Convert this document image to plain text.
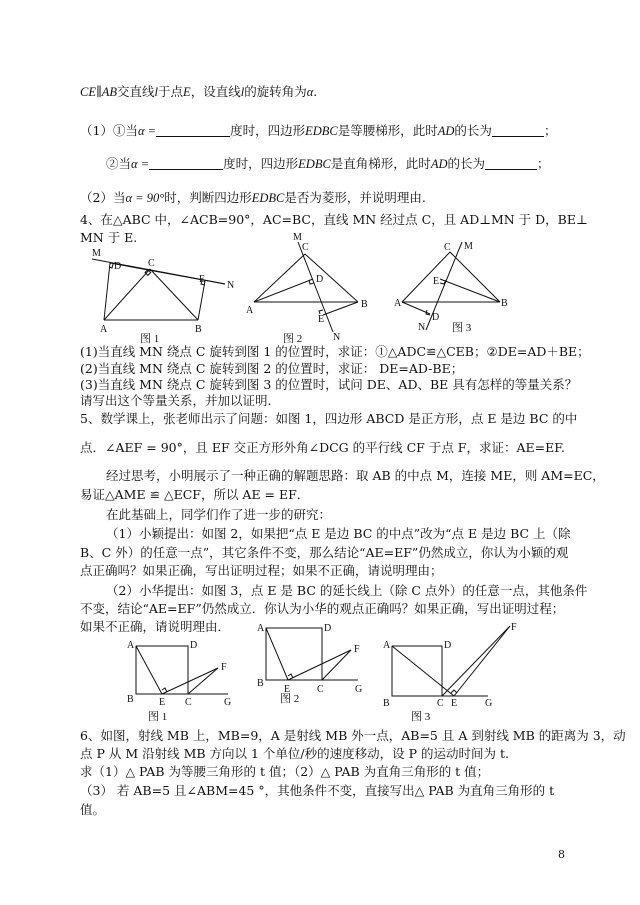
CE∥AB交直线l于点E，设直线l的旋转角为α.
（1）①当α =	度时，四边形EDBC是等腰梯形，此时AD的长为	；
②当α =	度时，四边形EDBC是直角梯形，此时AD的长为	；
（2）当α = 90°时，判断四边形EDBC是否为菱形，并说明理由.
4、在△ABC 中，∠ACB=90°，AC=BC，直线 MN 经过点 C，且 AD⊥MN 于 D，BE⊥
MN 于 E.
M
D	C
E
N
A	B
图 1
M
C
D
A
B
E
N
图 2
C M
E
A	B
D
N 图 3
(1)当直线 MN 绕点 C 旋转到图 1 的位置时，求证：①△ADC≌△CEB；②DE=AD＋BE；
(2)当直线 MN 绕点 C 旋转到图 2 的位置时，求证： DE=AD-BE；
(3)当直线 MN 绕点 C 旋转到图 3 的位置时，试问 DE、AD、BE 具有怎样的等量关系？
请写出这个等量关系，并加以证明.
5、数学课上，张老师出示了问题：如图 1，四边形 ABCD 是正方形，点 E 是边 BC 的中
点．∠AEF = 90°，且 EF 交正方形外角∠DCG 的平行线 CF 于点 F，求证：AE=EF.
经过思考，小明展示了一种正确的解题思路：取 AB 的中点 M，连接 ME，则 AM=EC，
易证△AME ≌ △ECF，所以 AE = EF．
在此基础上，同学们作了进一步的研究：
（1）小颖提出：如图 2，如果把“点 E 是边 BC 的中点”改为“点 E 是边 BC 上（除
B、C 外）的任意一点”，其它条件不变，那么结论“AE=EF”仍然成立，你认为小颖的观
点正确吗？如果正确，写出证明过程；如果不正确，请说明理由；
（2）小华提出：如图 3，点 E 是 BC 的延长线上（除 C 点外）的任意一点，其他条件
不变，结论“AE=EF”仍然成立．你认为小华的观点正确吗？如果正确，写出证明过程；
如果不正确，请说明理由．
A	D
F
B	E C	G
图 1
A	D
F
B
E	C	G
图 2
A	D
F
B	C E	G
图 3
6、如图，射线 MB 上，MB=9，A 是射线 MB 外一点，AB=5 且 A 到射线 MB 的距离为 3，动
点 P 从 M 沿射线 MB 方向以 1 个单位/秒的速度移动，设 P 的运动时间为 t.
求（1）△ PAB 为等腰三角形的 t 值；（2）△ PAB 为直角三角形的 t 值；
（3） 若 AB=5 且∠ABM=45 °，其他条件不变，直接写出△ PAB 为直角三角形的 t
值。
8
